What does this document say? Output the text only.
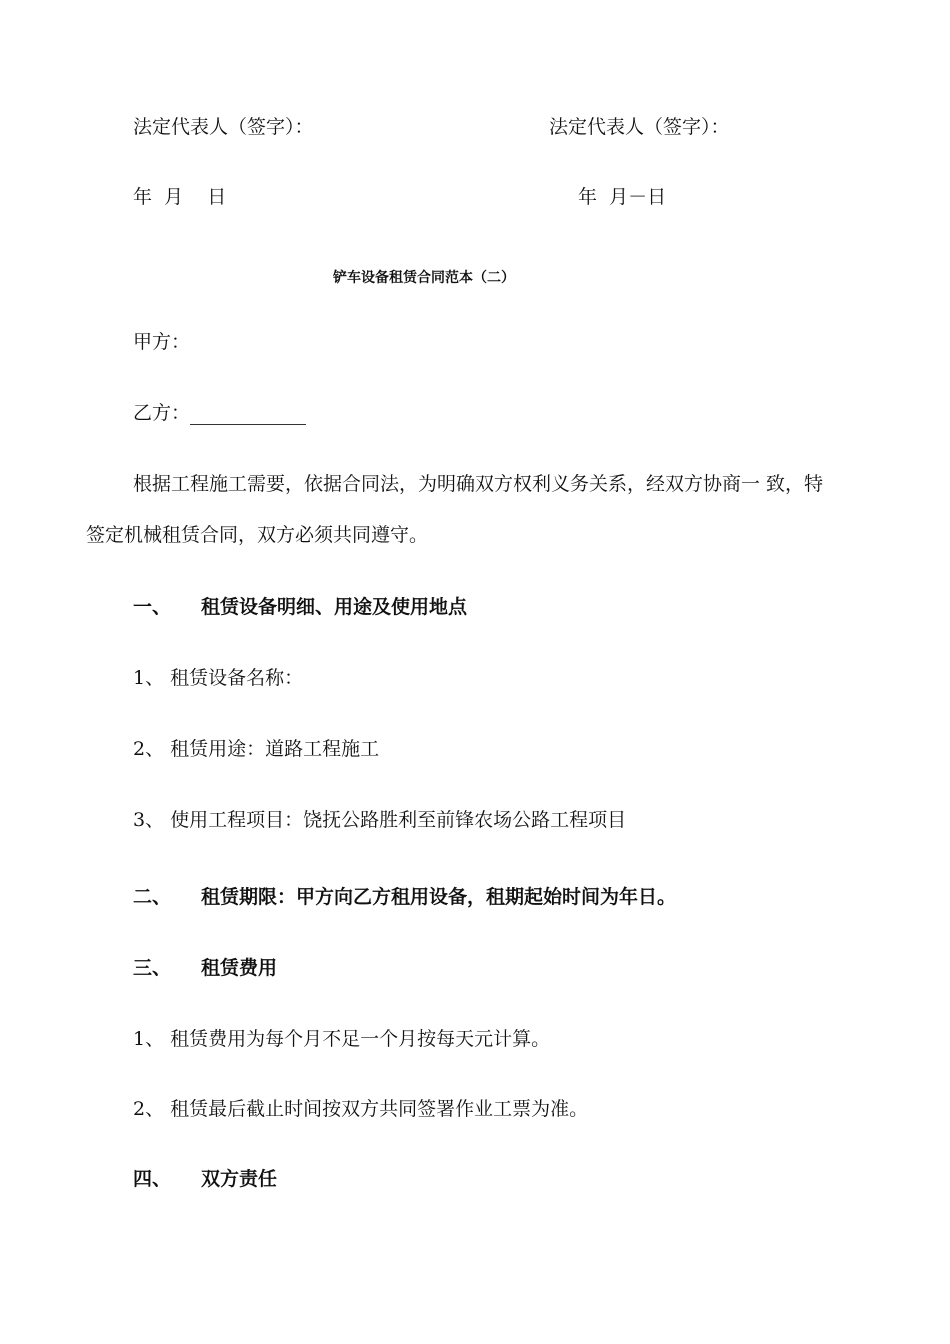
法定代表人（签字）：	法定代表人（签字）：
年  月    日	年  月－日
铲车设备租赁合同范本（二）
甲方：
乙方：
根据工程施工需要，依据合同法，为明确双方权利义务关系，经双方协商一 致，特
签定机械租赁合同，双方必须共同遵守。
一、 租赁设备明细、用途及使用地点
1、 租赁设备名称：
2、 租赁用途：道路工程施工
3、 使用工程项目：饶抚公路胜利至前锋农场公路工程项目
二、 租赁期限：甲方向乙方租用设备，租期起始时间为年日。
三、 租赁费用
1、 租赁费用为每个月不足一个月按每天元计算。
2、 租赁最后截止时间按双方共同签署作业工票为准。
四、 双方责任
